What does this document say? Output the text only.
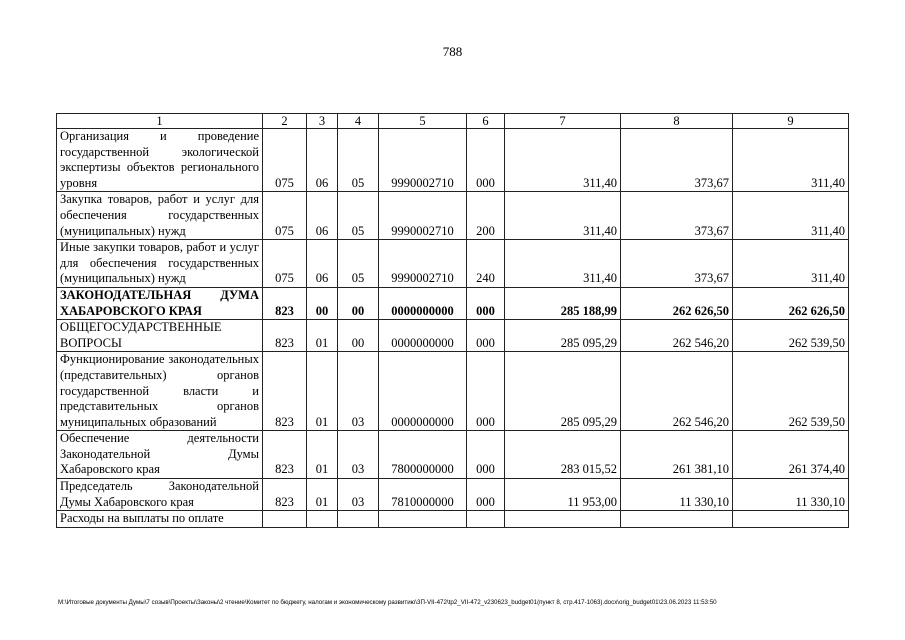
788
1	2	3	4	5	6	7	8	9
Организация и проведение государственной экологической экспертизы объектов регионального уровня	075	06	05	9990002710	000	311,40	373,67	311,40
Закупка товаров, работ и услуг для обеспечения государственных (муниципальных) нужд	075	06	05	9990002710	200	311,40	373,67	311,40
Иные закупки товаров, работ и услуг для обеспечения государственных (муниципальных) нужд	075	06	05	9990002710	240	311,40	373,67	311,40
ЗАКОНОДАТЕЛЬНАЯ ДУМА ХАБАРОВСКОГО КРАЯ	823	00	00	0000000000	000	285 188,99	262 626,50	262 626,50
ОБЩЕГОСУДАРСТВЕННЫЕ ВОПРОСЫ	823	01	00	0000000000	000	285 095,29	262 546,20	262 539,50
Функционирование законодательных (представительных) органов государственной власти и представительных органов муниципальных образований	823	01	03	0000000000	000	285 095,29	262 546,20	262 539,50
Обеспечение деятельности Законодательной Думы Хабаровского края	823	01	03	7800000000	000	283 015,52	261 381,10	261 374,40
Председатель Законодательной Думы Хабаровского края	823	01	03	7810000000	000	11 953,00	11 330,10	11 330,10
Расходы на выплаты по оплате								
M:\Итоговые документы Думы\7 созыв\Проекты\Законы\2 чтение\Комитет по бюджету, налогам и экономическому развитию\3П-VII-472\tp2_VII-472_v230623_budget01(пункт 8, стр.417-1063).docx\orig_budget01\23.06.2023 11:53:50
